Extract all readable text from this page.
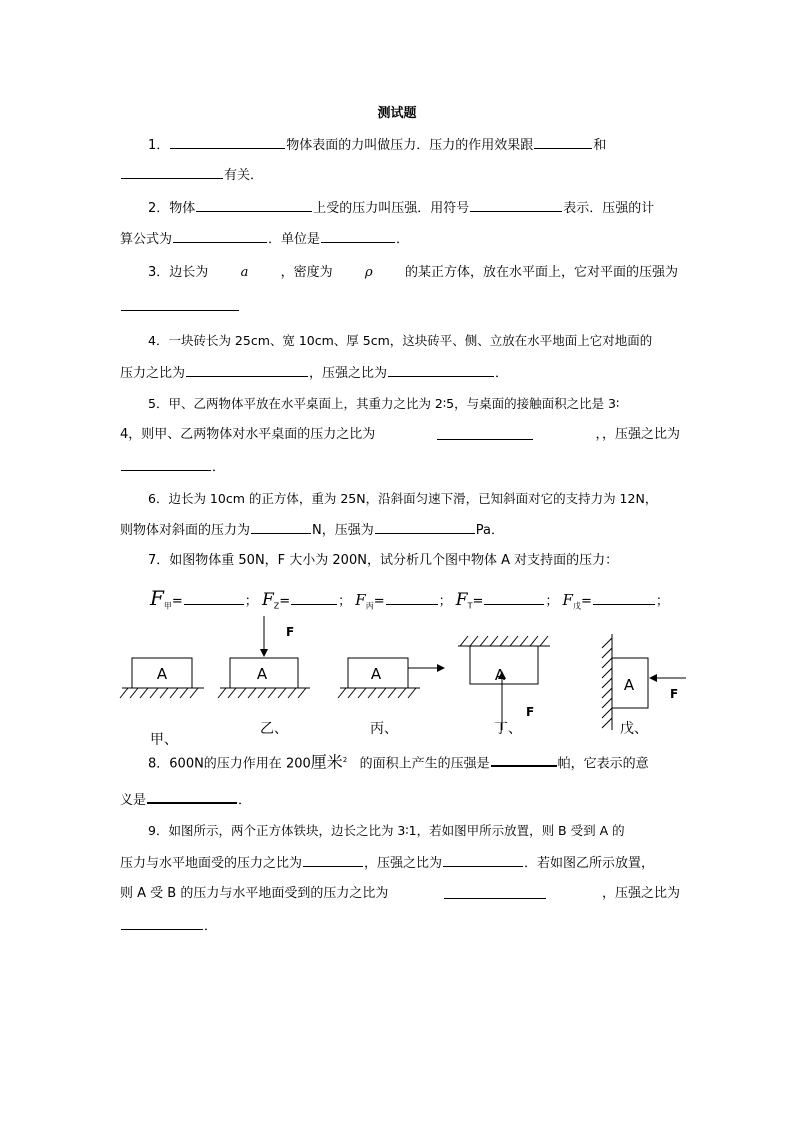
测试题
1．	物体表面的力叫做压力．压力的作用效果跟	和
有关．
2．物体	上受的压力叫压强．用符号	表示．压强的计
算公式为	．单位是	．
3．边长为 a ，密度为 ρ 的某正方体，放在水平面上，它对平面的压强为
4．一块砖长为 25cm、宽 10cm、厚 5cm，这块砖平、侧、立放在水平地面上它对地面的
压力之比为	，压强之比为	．
5．甲、乙两物体平放在水平桌面上，其重力之比为 2∶5，与桌面的接触面积之比是 3∶
4，则甲、乙两物体对水平桌面的压力之比为	，，压强之比为
．
6．边长为 10cm 的正方体，重为 25N，沿斜面匀速下滑，已知斜面对它的支持力为 12N，
则物体对斜面的压力为	N，压强为	Pa．
7．如图物体重 50N，F 大小为 200N，试分析几个图中物体 A 对支持面的压力：
$F_甲=$	； $F_Z=$	； $F_丙=$	； $F_T=$	； $F_戊=$	；
A	A
F
A	A
F
A	F
甲、
乙、	丙、	丁、	戊、
8．600N的压力作用在 200厘米$^2$ 的面积上产生的压强是	帕，它表示的意
义是	．
9．如图所示，两个正方体铁块，边长之比为 3∶1，若如图甲所示放置，则 B 受到 A 的
压力与水平地面受的压力之比为	，压强之比为	．若如图乙所示放置，
则 A 受 B 的压力与水平地面受到的压力之比为	，压强之比为
．
